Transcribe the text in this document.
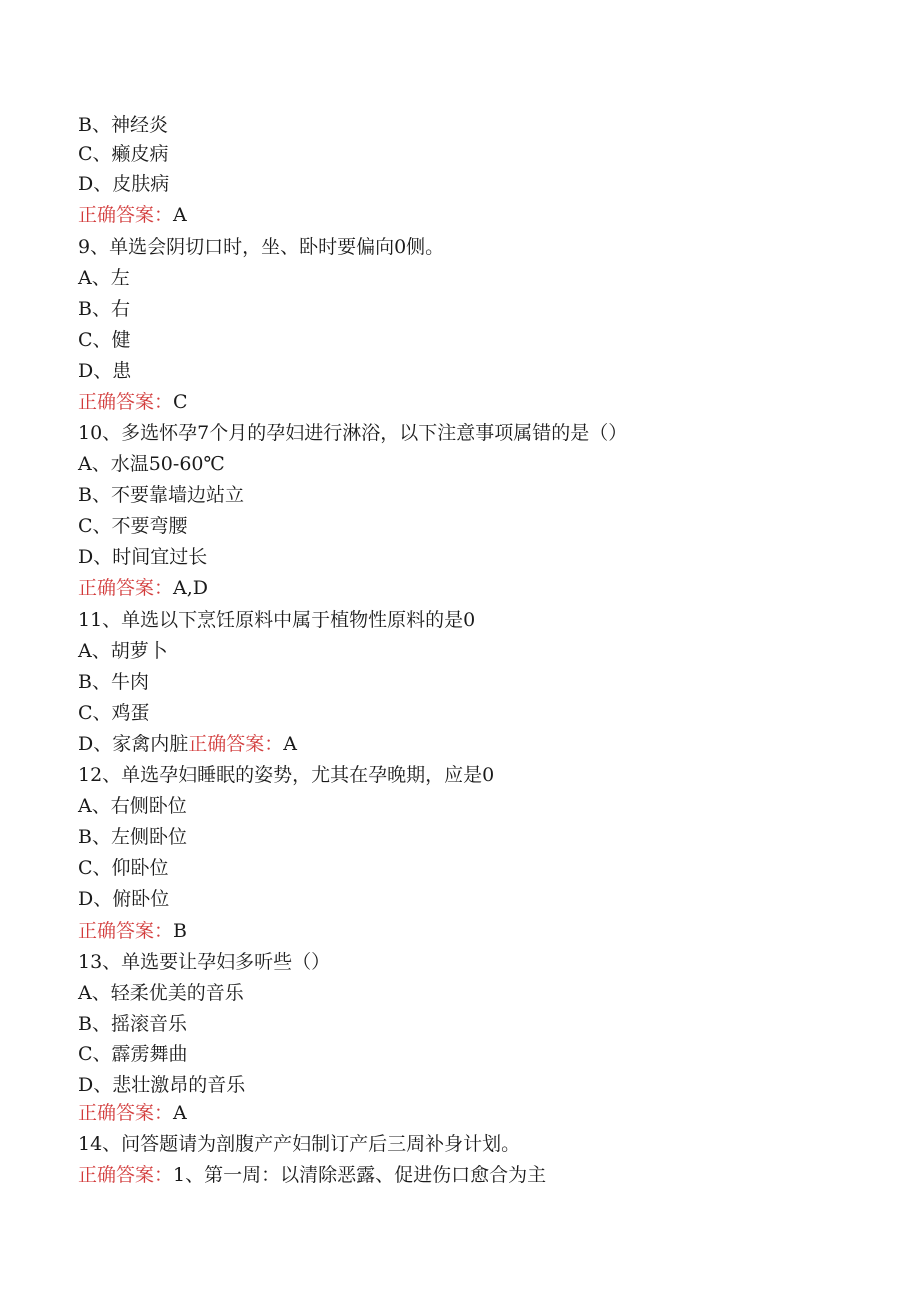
B、神经炎
C、癞皮病
D、皮肤病
正确答案：A
9、单选会阴切口时，坐、卧时要偏向0侧。
A、左
B、右
C、健
D、患
正确答案：C
10、多选怀孕7个月的孕妇进行淋浴，以下注意事项属错的是（）
A、水温50-60℃
B、不要靠墙边站立
C、不要弯腰
D、时间宜过长
正确答案：A,D
11、单选以下烹饪原料中属于植物性原料的是0
A、胡萝卜
B、牛肉
C、鸡蛋
D、家禽内脏正确答案：A
12、单选孕妇睡眠的姿势，尤其在孕晚期，应是0
A、右侧卧位
B、左侧卧位
C、仰卧位
D、俯卧位
正确答案：B
13、单选要让孕妇多听些（）
A、轻柔优美的音乐
B、摇滚音乐
C、霹雳舞曲
D、悲壮激昂的音乐
正确答案：A
14、问答题请为剖腹产产妇制订产后三周补身计划。
正确答案：1、第一周：以清除恶露、促进伤口愈合为主
